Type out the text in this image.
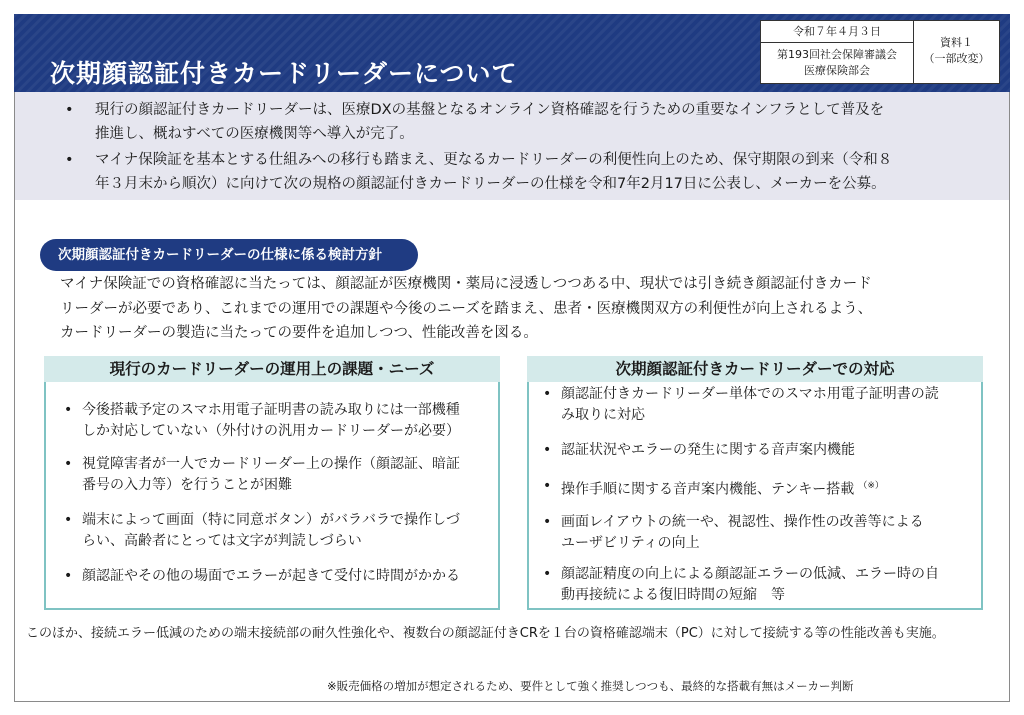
次期顔認証付きカードリーダーについて
令和７年４月３日
第193回社会保障審議会
医療保険部会
資料１
（一部改変）
• 現行の顔認証付きカードリーダーは、医療DXの基盤となるオンライン資格確認を行うための重要なインフラとして普及を
推進し、概ねすべての医療機関等へ導入が完了。
• マイナ保険証を基本とする仕組みへの移行も踏まえ、更なるカードリーダーの利便性向上のため、保守期限の到来（令和８
年３月末から順次）に向けて次の規格の顔認証付きカードリーダーの仕様を令和7年2月17日に公表し、メーカーを公募。
次期顔認証付きカードリーダーの仕様に係る検討方針
マイナ保険証での資格確認に当たっては、顔認証が医療機関・薬局に浸透しつつある中、現状では引き続き顔認証付きカード
リーダーが必要であり、これまでの運用での課題や今後のニーズを踏まえ、患者・医療機関双方の利便性が向上されるよう、
カードリーダーの製造に当たっての要件を追加しつつ、性能改善を図る。
現行のカードリーダーの運用上の課題・ニーズ
• 今後搭載予定のスマホ用電子証明書の読み取りには一部機種
しか対応していない（外付けの汎用カードリーダーが必要）
• 視覚障害者が一人でカードリーダー上の操作（顔認証、暗証
番号の入力等）を行うことが困難
• 端末によって画面（特に同意ボタン）がバラバラで操作しづ
らい、高齢者にとっては文字が判読しづらい
• 顔認証やその他の場面でエラーが起きて受付に時間がかかる
次期顔認証付きカードリーダーでの対応
• 顔認証付きカードリーダー単体でのスマホ用電子証明書の読
み取りに対応
• 認証状況やエラーの発生に関する音声案内機能
• 操作手順に関する音声案内機能、テンキー搭載 （※）
• 画面レイアウトの統一や、視認性、操作性の改善等による
ユーザビリティの向上
• 顔認証精度の向上による顔認証エラーの低減、エラー時の自
動再接続による復旧時間の短縮　等
このほか、接続エラー低減のための端末接続部の耐久性強化や、複数台の顔認証付きCRを１台の資格確認端末（PC）に対して接続する等の性能改善も実施。
※販売価格の増加が想定されるため、要件として強く推奨しつつも、最終的な搭載有無はメーカー判断
